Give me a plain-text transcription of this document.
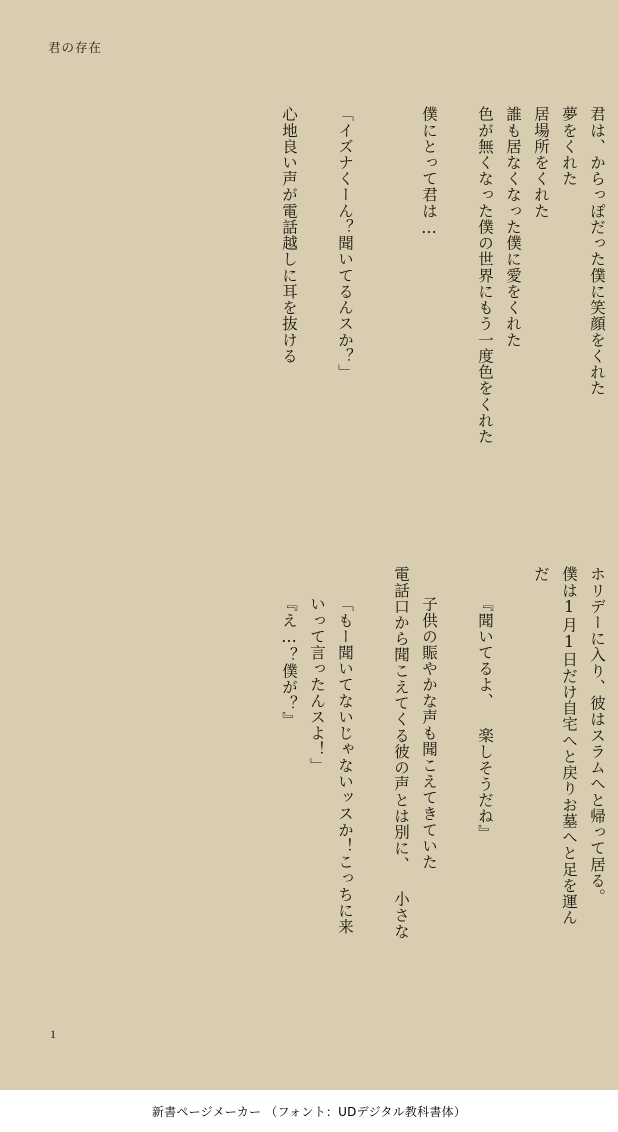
君の存在
ホリデーに入り、彼はスラムへと帰って居る。
僕は1月1日だけ自宅へと戻りお墓へと足を運ん
だ
『聞いてるよ、 楽しそうだね』
子供の賑やかな声も聞こえてきていた
電話口から聞こえてくる彼の声とは別に、 小さな
「もー聞いてないじゃないッスか！こっちに来
いって言ったんスよ！」
『え…？僕が？』
君は、からっぽだった僕に笑顔をくれた
夢をくれた
居場所をくれた
誰も居なくなった僕に愛をくれた
色が無くなった僕の世界にもう一度色をくれた
僕にとって君は…
「イズナくーん？聞いてるんスか？」
心地良い声が電話越しに耳を抜ける
1
新書ページメーカー （フォント：UDデジタル教科書体）
